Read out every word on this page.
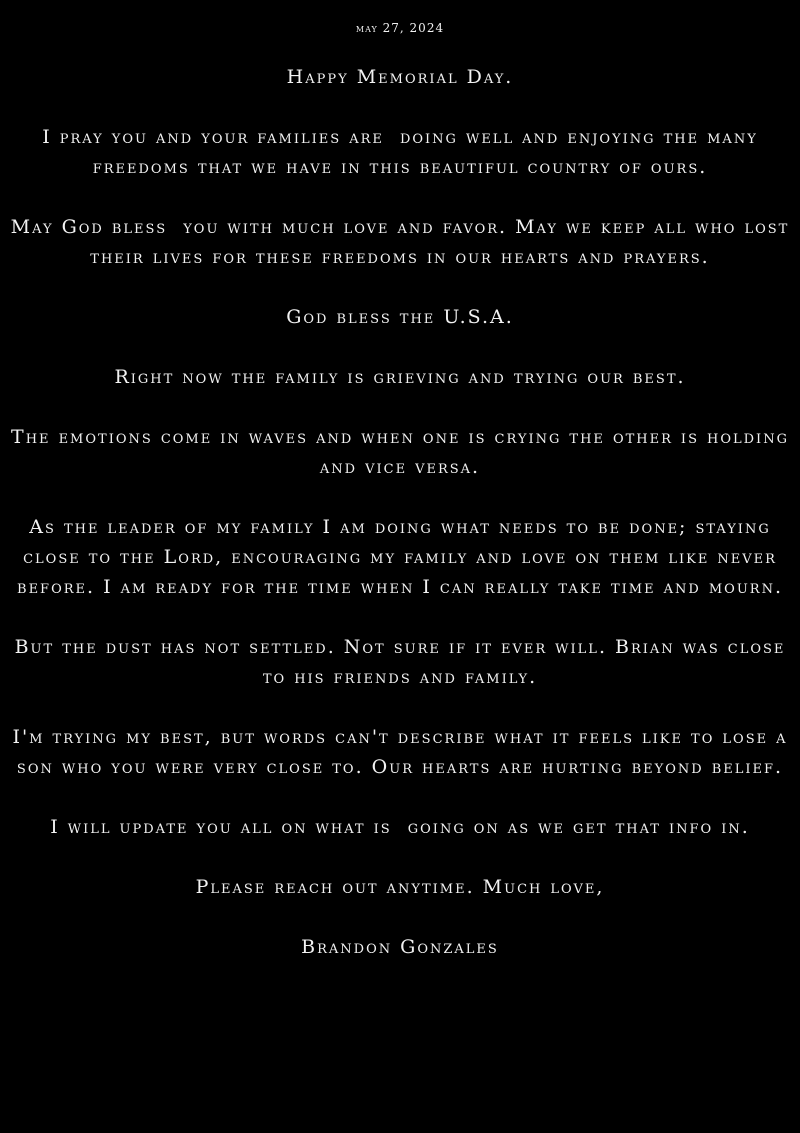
may 27, 2024

Happy Memorial Day.

I pray you and your families are  doing well and enjoying the many freedoms that we have in this beautiful country of ours.

May God bless  you with much love and favor. May we keep all who lost their lives for these freedoms in our hearts and prayers.

God bless the U.S.A.

Right now the family is grieving and trying our best.

The emotions come in waves and when one is crying the other is holding and vice versa.

As the leader of my family I am doing what needs to be done; staying close to the Lord, encouraging my family and love on them like never before. I am ready for the time when I can really take time and mourn.

But the dust has not settled. Not sure if it ever will. Brian was close to his friends and family.

I'm trying my best, but words can't describe what it feels like to lose a son who you were very close to. Our hearts are hurting beyond belief.

I will update you all on what is  going on as we get that info in.

Please reach out anytime. Much love,

Brandon Gonzales
